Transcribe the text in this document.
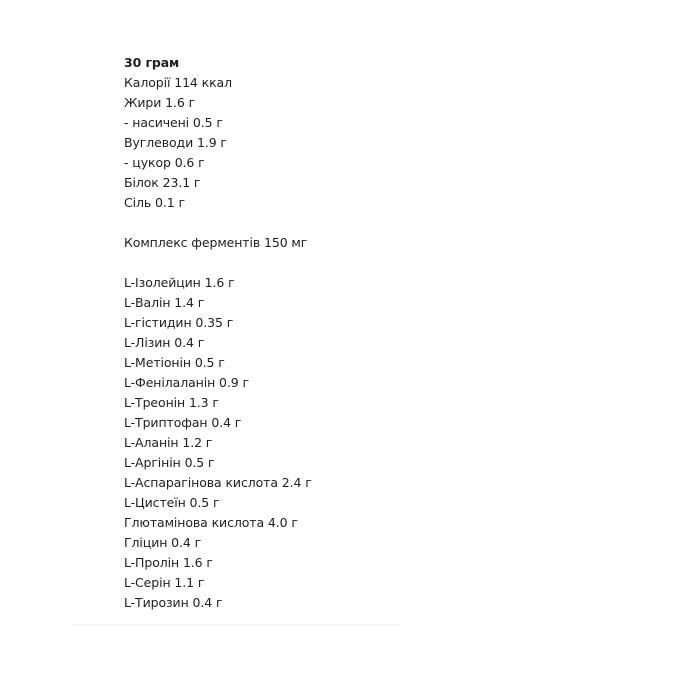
30 грам
Калорії 114 ккал
Жири 1.6 г
- насичені 0.5 г
Вуглеводи 1.9 г
- цукор 0.6 г
Білок 23.1 г
Сіль 0.1 г
Комплекс ферментів 150 мг
L-Ізолейцин 1.6 г
L-Валін 1.4 г
L-гістидин 0.35 г
L-Лізин 0.4 г
L-Метіонін 0.5 г
L-Фенілаланін 0.9 г
L-Треонін 1.3 г
L-Триптофан 0.4 г
L-Аланін 1.2 г
L-Аргінін 0.5 г
L-Аспарагінова кислота 2.4 г
L-Цистеїн 0.5 г
Глютамінова кислота 4.0 г
Гліцин 0.4 г
L-Пролін 1.6 г
L-Серін 1.1 г
L-Тирозин 0.4 г
